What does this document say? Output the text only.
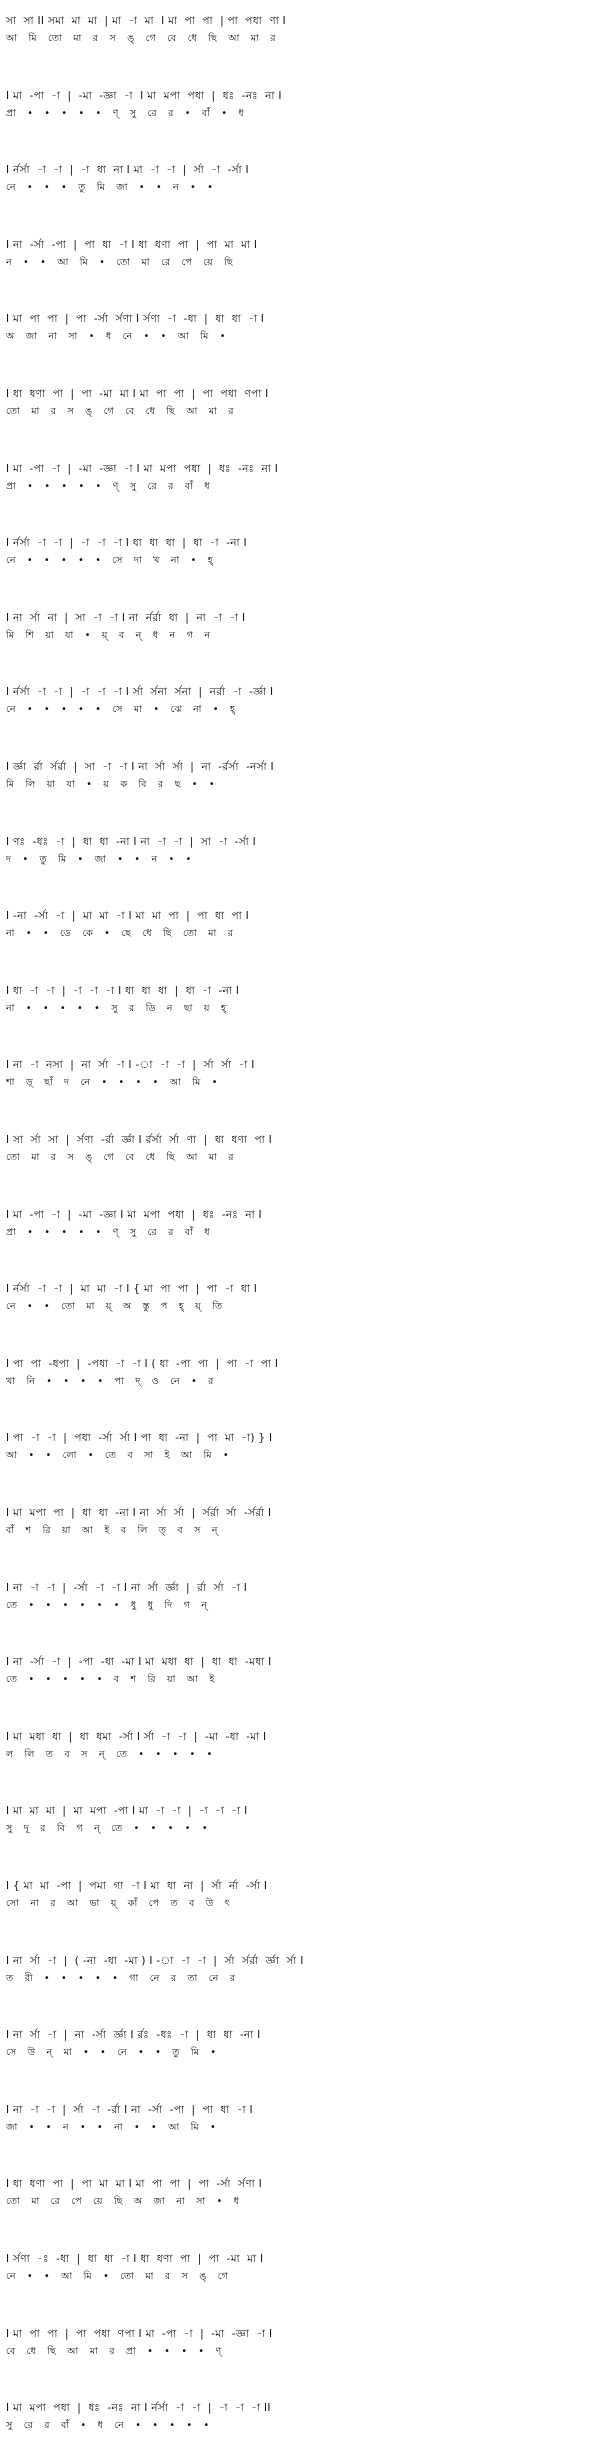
সা  সা II সমা  মা  মা  | মা  -া  মা  I মা  পা  পা  | পা  পধা  ণা I
আ   মি   তো   মা   র   স   ঙ্   গে   বে   ধে   ছি   আ   মা   র
I মা  -পা  -া  |  -মা  -জ্ঞা  -া  I মা  মপা  পধা  |  ধঃ  -নঃ  না I
প্রা   •   •   •   •   •   ণ্   সু   রে   র   •   বাঁ   •   ধ
I র্নর্সা  -া  -া  |  -া  ধা  না I মা  -া  -া  |  র্সা  -া  -র্সা I
নে   •   •   •   তু   মি   জা   •   •   ন   •   •
I না  -র্সা  -পা  |  পা  ধা  -া I ধা  ধণা  পা  |  পা  মা  মা I
ন   •   •   আ   মি   •   তো   মা   রে   পে   য়ে   ছি
I মা  পা  পা  |  পা  -র্সা  র্সণা I র্সণা  -া  -ধা  |  ধা  ধা  -া I
অ   জা   না   সা   •   ধ   নে   •   •   আ   মি   •
I ধা  ধণা  পা  |  পা  -মা  মা I মা  পা  পা  |  পা  পধা  ণপা I
তো   মা   র   স   ঙ্   গে   বে   ধে   ছি   আ   মা   র
I মা  -পা  -া  |  -মা  -জ্ঞা  -া I মা  মপা  পধা  |  ধঃ  -নঃ  না I
প্রা   •   •   •   •   •   ণ্   সু   রে   র   বাঁ   ধ
I র্নর্সা  -া  -া  |  -া  -া  -া I ধা  ধা  ধা  |  ধা  -া  -না I
নে   •   •   •   •   •   সে   দা   খ   না   •   হ্
I না  র্সা  না  |  সা  -া  -া I না  র্নর্রা  ধা  |  না  -া  -া I
মি   শি   য়া   যা   •   য়্   ব   ন্   ধ   ন   গ   ন
I র্নর্সা  -া  -া  |  -া  -া  -া I র্সা  র্সনা  র্সনা  |  নর্রা  -া  -র্জ্ঞা I
নে   •   •   •   •   •   সে   মা   •   ঝে   না   •   হ্
I র্জ্ঞা  র্রা  র্সর্রা  |  সা  -া  -া I না  র্সা  র্সা  |  না  -র্রর্সা  -নর্সা I
মি   লি   য়া   যা   •   য়   ক   বি   র   ছ   •   •
I ণঃ  -ধঃ  -া  |  ধা  ধা  -না I না  -া  -া  |  সা  -া  -র্সা I
দ   •   তু   মি   •   জা   •   •   ন   •   •
I -না  -র্সা  -া  |  মা  মা  -া I মা  মা  পা  |  পা  ধা  পা I
না   •   •   ডে   কে   •   ছে   ধে   ছি   তো   মা   র
I ধা  -া  -া  |  -া  -া  -া I ধা  ধা  ধা  |  ধা  -া  -না I
না   •   •   •   •   •   সু   র   ডি   ন   ছা   য়   হ্
I না  -া  নসা  |  না  র্সা  -া I -া  -া  -া  |  র্সা  র্সা  -া I
শা   ড়্   ছাঁ   দ   নে   •   •   •   •   আ   মি   •
I সা  র্সা  সা  |  র্সণা  -র্রা  র্জ্ঞা I র্রর্সা  র্সা  ণা  |  ধা  ধণা  পা I
তো   মা   র   স   ঙ্   গে   বে   ধে   ছি   আ   মা   র
I মা  -পা  -া  |  -মা  -জ্ঞা I মা  মপা  পধা  |  ধঃ  -নঃ  না I
প্রা   •   •   •   •   •   ণ্   সু   রে   র   বাঁ   ধ
I র্নর্সা  -া  -া  |  মা  মা  -া I { মা  পা  পা  |  পা  -া  ধা I
নে   •   •   তো   মা   য়্   অ   স্তু   প   হ্   য়্   তি
I পা  পা  -ধপা  |  -পধা  -া  -া I ( ধা  -পা  পা  |  পা  -া  পা I
খা   নি   •   •   •   •   পা   দ্   ও   নে   •   র
I পা  -া  -া  |  পধা  -র্সা  র্সা I পা  ধা  -না  |  পা  মা  -া) } I
আ   •   •   লো   •   তে   ব   সা   ই   আ   মি   •
I মা  মপা  পা  |  ধা  ধা  -না I না  র্সা  র্সা  |  র্সর্রা  র্সা  -র্সর্রা I
বাঁ   শ   রি   য়া   আ   ই   ব   লি   ত্   ব   স   ন্
I না  -া  -া  |  -র্সা  -া  -া I না  র্সা  র্জ্ঞা  |  র্রা  র্সা  -া I
তে   •   •   •   •   •   •   ধু   ধু   দি   গ   ন্
I না  -র্সা  -া  |  -পা  -ধা  -মা I মা  মধা  ধা  |  ধা  ধা  -মধা I
তে   •   •   •   •   •   ব   শ   রি   য়া   আ   ই
I মা  মধা  ধা  |  ধা  ধমা  -র্সা I র্সা  -া  -া  |  -মা  -ধা  -মা I
ল   লি   ত   ব   স   ন্   তে   •   •   •   •   •
I মা  মা  মা  |  মা  মপা  -পা I মা  -া  -া  |  -া  -া  -া I
সু   দূ   র   বি   গ   ন্   তে   •   •   •   •   •
I { মা  মা  -পা  |  পমা  গা  -া I মা  ধা  না  |  র্সা  র্না  -র্সা I
সো   না   র   আ   ভা   য়্   কাঁ   পে   ত   ব   উ   ৎ
I না  র্সা  -া  |  ( -না  -ধা  -মা ) I -া  -া  -া  |  র্সা  র্সর্রা  র্জ্ঞা  র্সা I
ত   রী   •   •   •   •   •   গা   নে   র   তা   নে   র
I না  র্সা  -া  |  না  -র্সা  র্জ্ঞা I র্রঃ  -ধঃ  -া  |  ধা  ধা  -না I
সে   উ   ন্   মা   •   •   নে   •   •   তু   মি   •
I না  -া  -া  |  র্সা  -া  -র্রা I না  -র্সা  -পা  |  পা  ধা  -া I
জা   •   •   ন   •   •   না   •   •   আ   মি   •
I ধা  ধণা  পা  |  পা  মা  মা I মা  পা  পা  |  পা  -র্সা  র্সণা I
তো   মা   রে   পে   য়ে   ছি   অ   জা   না   সা   •   ধ
I র্সণা  -ঃ  -ধা  |  ধা  ধা  -া I ধা  ধণা  পা  |  পা  -মা  মা I
নে   •   •   আ   মি   •   তো   মা   র   স   ঙ্   গে
I মা  পা  পা  |  পা  পধা  ণপা I মা  -পা  -া  |  -মা  -জ্ঞা  -া I
বে   ধে   ছি   আ   মা   র   প্রা   •   •   •   •   ণ্
I মা  মপা  পধা  |  ধঃ  -নঃ  না I র্নর্সা  -া  -া  |  -া  -া  -া II
সু   রে   র   বাঁ   •   ধ   নে   •   •   •   •   •
